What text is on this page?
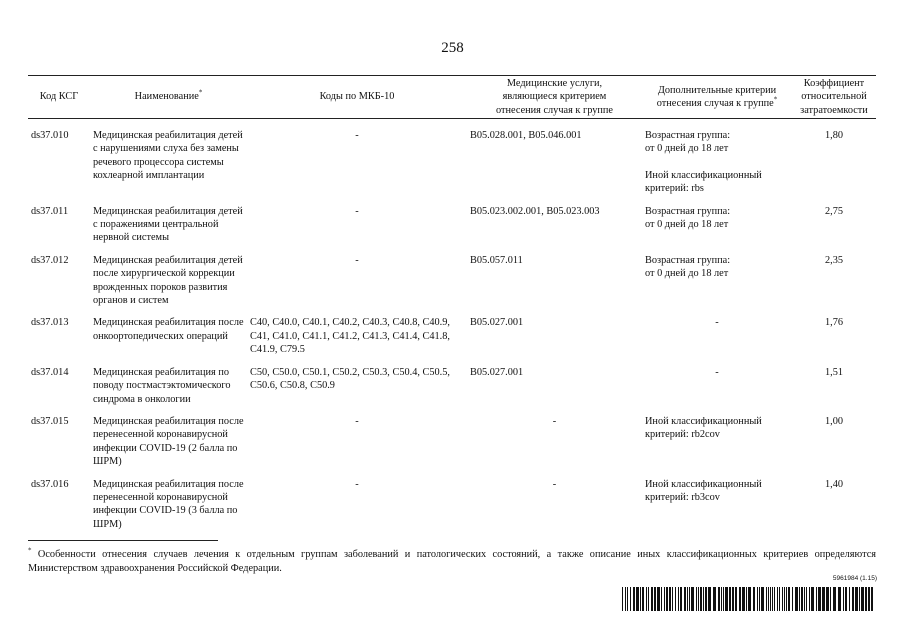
258
Код КСГ	Наименование*	Коды по МКБ-10	Медицинские услуги, являющиеся критерием отнесения случая к группе	Дополнительные критерии отнесения случая к группе*	Коэффициент относительной затратоемкости
ds37.010	Медицинская реабилитация детей с нарушениями слуха без замены речевого процессора системы кохлеарной имплантации	-	B05.028.001, B05.046.001	Возрастная группа:
от 0 дней до 18 лет
Иной классификационный критерий: rbs	1,80
ds37.011	Медицинская реабилитация детей с поражениями центральной нервной системы	-	B05.023.002.001, B05.023.003	Возрастная группа:
от 0 дней до 18 лет	2,75
ds37.012	Медицинская реабилитация детей после хирургической коррекции врожденных пороков развития органов и систем	-	B05.057.011	Возрастная группа:
от 0 дней до 18 лет	2,35
ds37.013	Медицинская реабилитация после онкоортопедических операций	C40, C40.0, C40.1, C40.2, C40.3, C40.8, C40.9, C41, C41.0, C41.1, C41.2, C41.3, C41.4, C41.8, C41.9, C79.5	B05.027.001	-	1,76
ds37.014	Медицинская реабилитация по поводу постмастэктомического синдрома в онкологии	C50, C50.0, C50.1, C50.2, C50.3, C50.4, C50.5, C50.6, C50.8, C50.9	B05.027.001	-	1,51
ds37.015	Медицинская реабилитация после перенесенной коронавирусной инфекции COVID-19 (2 балла по ШРМ)	-	-	Иной классификационный критерий: rb2cov	1,00
ds37.016	Медицинская реабилитация после перенесенной коронавирусной инфекции COVID-19 (3 балла по ШРМ)	-	-	Иной классификационный критерий: rb3cov	1,40
* Особенности отнесения случаев лечения к отдельным группам заболеваний и патологических состояний, а также описание иных классификационных критериев определяются Министерством здравоохранения Российской Федерации.
5961984 (1.15)
